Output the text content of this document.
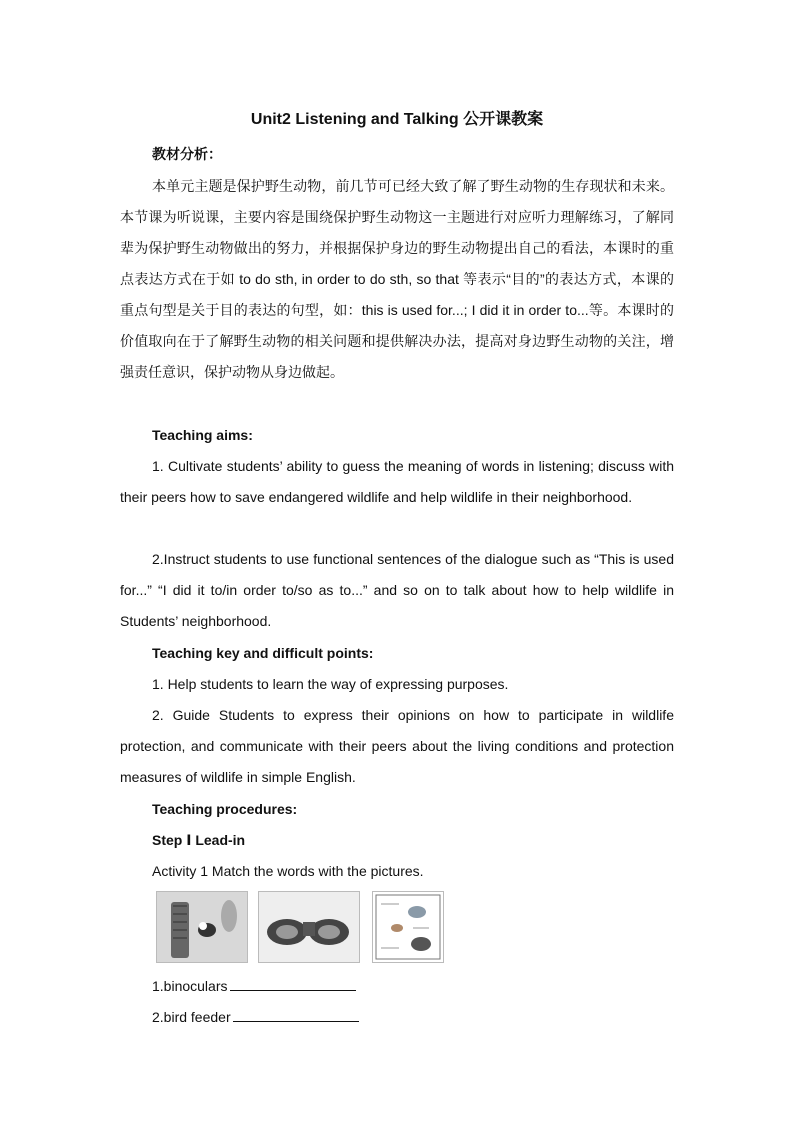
Unit2 Listening and Talking 公开课教案
教材分析：

本单元主题是保护野生动物，前几节可已经大致了解了野生动物的生存现状和未来。本节课为听说课，主要内容是围绕保护野生动物这一主题进行对应听力理解练习，了解同辈为保护野生动物做出的努力，并根据保护身边的野生动物提出自己的看法，本课时的重点表达方式在于如 to do sth, in order to do sth, so that 等表示“目的”的表达方式，本课的重点句型是关于目的表达的句型，如：this is used for...; I did it in order to...等。本课时的价值取向在于了解野生动物的相关问题和提供解决办法，提高对身边野生动物的关注，增强责任意识，保护动物从身边做起。

Teaching aims:

1. Cultivate students’ ability to guess the meaning of words in listening; discuss with their peers how to save endangered wildlife and help wildlife in their neighborhood.

2.Instruct students to use functional sentences of the dialogue such as “This is used for...” “I did it to/in order to/so as to...” and so on to talk about how to help wildlife in Students’ neighborhood.

Teaching key and difficult points:
1. Help students to learn the way of expressing purposes.

2. Guide Students to express their opinions on how to participate in wildlife protection, and communicate with their peers about the living conditions and protection measures of wildlife in simple English.

Teaching procedures:
Step Ⅰ Lead-in
Activity 1 Match the words with the pictures.
1.binoculars
2.bird feeder
